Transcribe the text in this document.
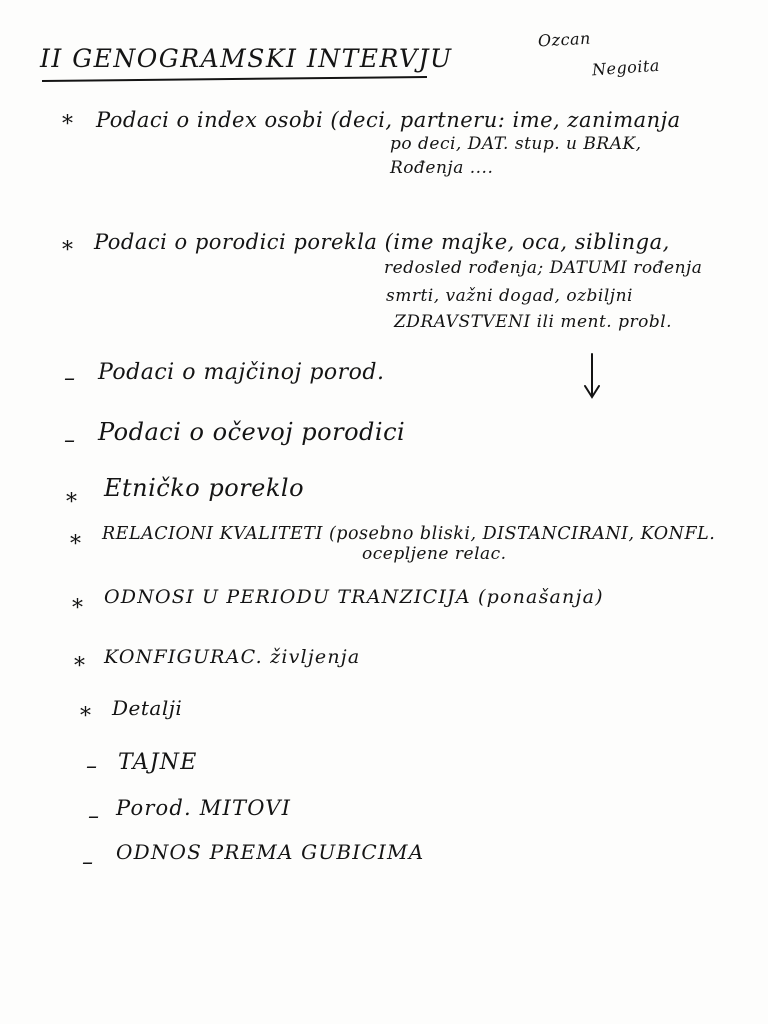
II GENOGRAMSKI INTERVJU
Ozcan
Negoita
* Podaci o index osobi (deci, partneru: ime, zanimanja
po deci, DAT. stup. u BRAK,
Rođenja ....
* Podaci o porodici porekla (ime majke, oca, siblinga,
redosled rođenja; DATUMI rođenja
smrti, važni dogad, ozbiljni
ZDRAVSTVENI ili ment. probl.
– Podaci o majčinoj porod.
– Podaci o očevoj porodici
*
Etničko poreklo
* RELACIONI KVALITETI (posebno bliski, DISTANCIRANI, KONFL.
ocepljene relac.
* ODNOSI U PERIODU TRANZICIJA (ponašanja)
* KONFIGURAC. življenja
* Detalji
– TAJNE
– Porod. MITOVI
– ODNOS PREMA GUBICIMA
